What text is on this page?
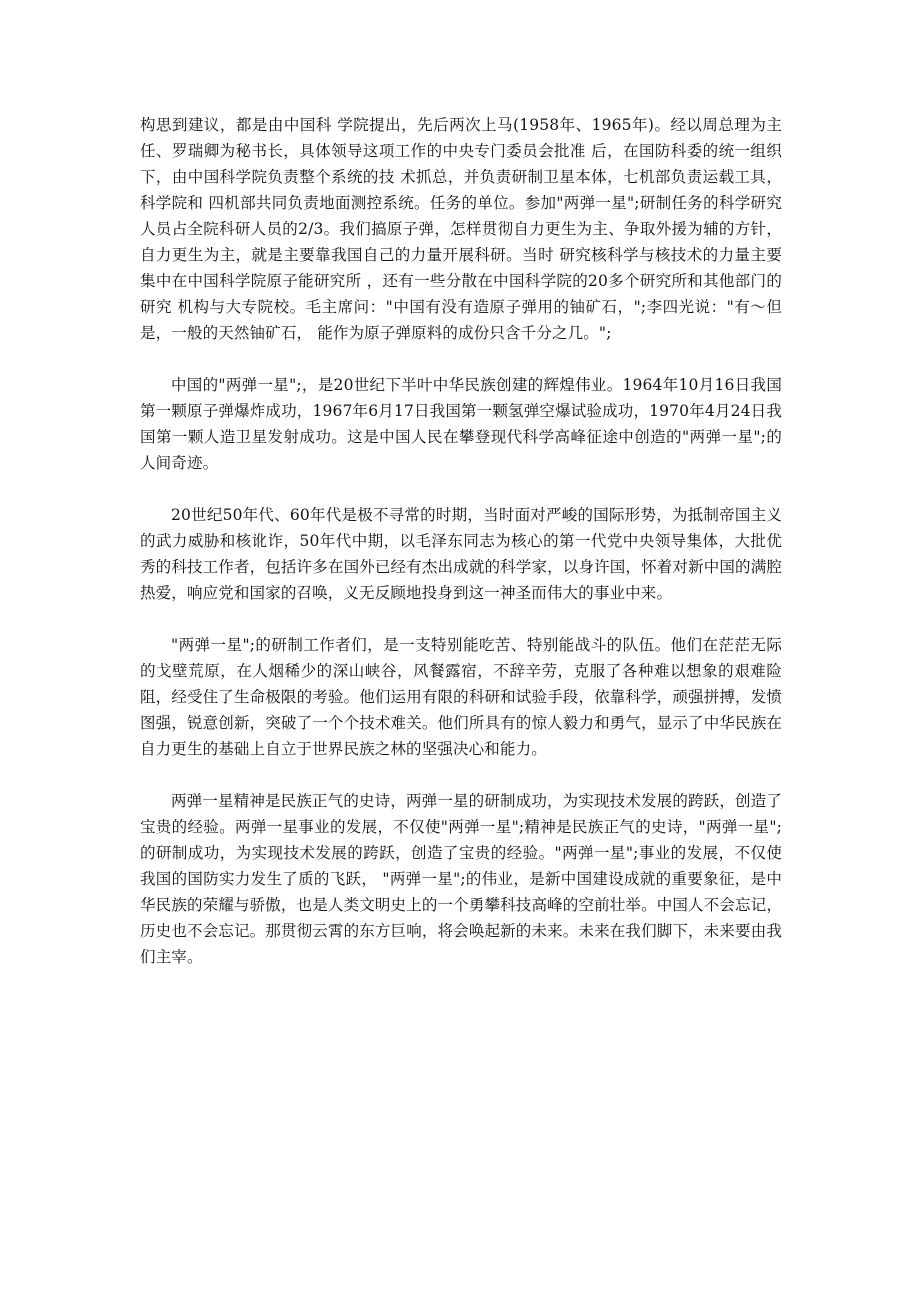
构思到建议，都是由中国科 学院提出，先后两次上马(1958年、1965年)。经以周总理为主任、罗瑞卿为秘书长，具体领导这项工作的中央专门委员会批准 后，在国防科委的统一组织下，由中国科学院负责整个系统的技 术抓总，并负责研制卫星本体，七机部负责运载工具，科学院和 四机部共同负责地面测控系统。任务的单位。参加"两弹一星";研制任务的科学研究人员占全院科研人员的2/3。我们搞原子弹，怎样贯彻自力更生为主、争取外援为辅的方针，自力更生为主，就是主要靠我国自己的力量开展科研。当时 研究核科学与核技术的力量主要集中在中国科学院原子能研究所 ，还有一些分散在中国科学院的20多个研究所和其他部门的研究 机构与大专院校。毛主席问："中国有没有造原子弹用的铀矿石，";李四光说："有～但是，一般的天然铀矿石， 能作为原子弹原料的成份只含千分之几。";

中国的"两弹一星";，是20世纪下半叶中华民族创建的辉煌伟业。1964年10月16日我国第一颗原子弹爆炸成功，1967年6月17日我国第一颗氢弹空爆试验成功，1970年4月24日我国第一颗人造卫星发射成功。这是中国人民在攀登现代科学高峰征途中创造的"两弹一星";的人间奇迹。

20世纪50年代、60年代是极不寻常的时期，当时面对严峻的国际形势，为抵制帝国主义的武力威胁和核讹诈，50年代中期，以毛泽东同志为核心的第一代党中央领导集体，大批优秀的科技工作者，包括许多在国外已经有杰出成就的科学家，以身许国，怀着对新中国的满腔热爱，响应党和国家的召唤，义无反顾地投身到这一神圣而伟大的事业中来。

"两弹一星";的研制工作者们，是一支特别能吃苦、特别能战斗的队伍。他们在茫茫无际的戈壁荒原，在人烟稀少的深山峡谷，风餐露宿，不辞辛劳，克服了各种难以想象的艰难险阻，经受住了生命极限的考验。他们运用有限的科研和试验手段，依靠科学，顽强拼搏，发愤图强，锐意创新，突破了一个个技术难关。他们所具有的惊人毅力和勇气，显示了中华民族在自力更生的基础上自立于世界民族之林的坚强决心和能力。

两弹一星精神是民族正气的史诗，两弹一星的研制成功，为实现技术发展的跨跃，创造了宝贵的经验。两弹一星事业的发展，不仅使"两弹一星";精神是民族正气的史诗，"两弹一星";的研制成功，为实现技术发展的跨跃，创造了宝贵的经验。"两弹一星";事业的发展，不仅使我国的国防实力发生了质的飞跃， "两弹一星";的伟业，是新中国建设成就的重要象征，是中华民族的荣耀与骄傲，也是人类文明史上的一个勇攀科技高峰的空前壮举。中国人不会忘记，历史也不会忘记。那贯彻云霄的东方巨响，将会唤起新的未来。未来在我们脚下，未来要由我们主宰。
